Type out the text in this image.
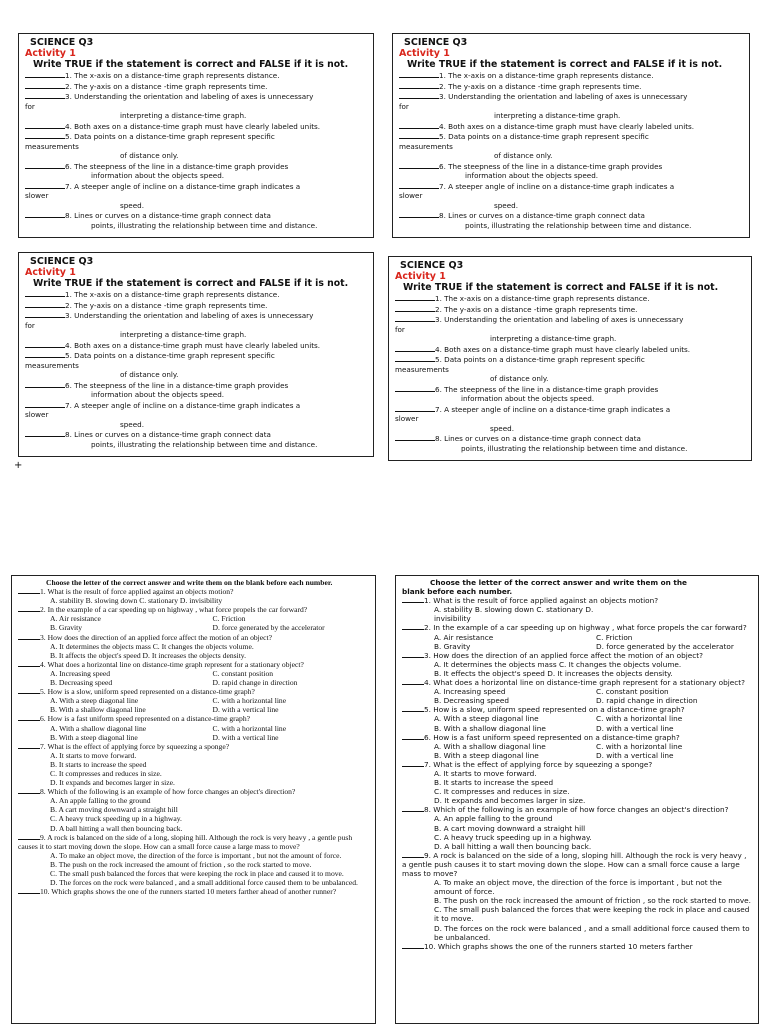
SCIENCE Q3
Activity 1
Write TRUE if the statement is correct and FALSE if it is not.
1. The x-axis on a distance-time graph represents distance.
2. The y-axis on a distance -time graph represents time.
3. Understanding the orientation and labeling of axes is unnecessary
for
interpreting a distance-time graph.
4. Both axes on a distance-time graph must have clearly labeled units.
5. Data points on a distance-time graph represent specific
measurements
of distance only.
6. The steepness of the line in a distance-time graph provides
information about the objects speed.
7. A steeper angle of incline on a distance-time graph indicates a
slower
speed.
8. Lines or curves on a distance-time graph connect data
points, illustrating the relationship between time and distance.
SCIENCE Q3
Activity 1
Write TRUE if the statement is correct and FALSE if it is not.
1. The x-axis on a distance-time graph represents distance.
2. The y-axis on a distance -time graph represents time.
3. Understanding the orientation and labeling of axes is unnecessary
for
interpreting a distance-time graph.
4. Both axes on a distance-time graph must have clearly labeled units.
5. Data points on a distance-time graph represent specific
measurements
of distance only.
6. The steepness of the line in a distance-time graph provides
information about the objects speed.
7. A steeper angle of incline on a distance-time graph indicates a
slower
speed.
8. Lines or curves on a distance-time graph connect data
points, illustrating the relationship between time and distance.
SCIENCE Q3
Activity 1
Write TRUE if the statement is correct and FALSE if it is not.
1. The x-axis on a distance-time graph represents distance.
2. The y-axis on a distance -time graph represents time.
3. Understanding the orientation and labeling of axes is unnecessary
for
interpreting a distance-time graph.
4. Both axes on a distance-time graph must have clearly labeled units.
5. Data points on a distance-time graph represent specific
measurements
of distance only.
6. The steepness of the line in a distance-time graph provides
information about the objects speed.
7. A steeper angle of incline on a distance-time graph indicates a
slower
speed.
8. Lines or curves on a distance-time graph connect data
points, illustrating the relationship between time and distance.
SCIENCE Q3
Activity 1
Write TRUE if the statement is correct and FALSE if it is not.
1. The x-axis on a distance-time graph represents distance.
2. The y-axis on a distance -time graph represents time.
3. Understanding the orientation and labeling of axes is unnecessary
for
interpreting a distance-time graph.
4. Both axes on a distance-time graph must have clearly labeled units.
5. Data points on a distance-time graph represent specific
measurements
of distance only.
6. The steepness of the line in a distance-time graph provides
information about the objects speed.
7. A steeper angle of incline on a distance-time graph indicates a
slower
speed.
8. Lines or curves on a distance-time graph connect data
points, illustrating the relationship between time and distance.
+
Choose the letter of the correct answer and write them on the blank before each number.
1. What is the result of force applied against an objects motion?
A. stability B. slowing down C. stationary D. invisibility
2. In the example of a car speeding up on highway , what force propels the car forward?
A. Air resistance	C. Friction
B. Gravity	D. force generated by the accelerator
3. How does the direction of an applied force affect the motion of an object?
A. It determines the objects mass C. It changes the objects volume.
B. It affects the object's speed D. It increases the objects density.
4. What does a horizontal line on distance-time graph represent for a stationary object?
A. Increasing speed	C. constant position
B. Decreasing speed	D. rapid change in direction
5. How is a slow, uniform speed represented on a distance-time graph?
A. With a steep diagonal line	C. with a horizontal line
B. With a shallow diagonal line	D. with a vertical line
6. How is a fast uniform speed represented on a distance-time graph?
A. With a shallow diagonal line	C. with a horizontal line
B. With a steep diagonal line	D. with a vertical line
7. What is the effect of applying force by squeezing a sponge?
A. It starts to move forward.
B. It starts to increase the speed
C. It compresses and reduces in size.
D. It expands and becomes larger in size.
8. Which of the following is an example of how force changes an object's direction?
A. An apple falling to the ground
B. A cart moving downward a straight hill
C. A heavy truck speeding up in a highway.
D. A ball hitting a wall then bouncing back.
9. A rock is balanced on the side of a long, sloping hill. Although the rock is very heavy , a gentle push causes it to start moving down the slope. How can a small force cause a large mass to move?
A. To make an object move, the direction of the force is important , but not the amount of force.
B. The push on the rock increased the amount of friction , so the rock started to move.
C. The small push balanced the forces that were keeping the rock in place and caused it to move.
D. The forces on the rock were balanced , and a small additional force caused them to be unbalanced.
10. Which graphs shows the one of the runners started 10 meters farther ahead of another runner?
Choose the letter of the correct answer and write them on the
blank before each number.
1. What is the result of force applied against an objects motion?
A. stability B. slowing down C. stationary D.
invisibility
2. In the example of a car speeding up on highway , what force propels the car forward?
A. Air resistance	C. Friction
B. Gravity	D. force generated by the accelerator
3. How does the direction of an applied force affect the motion of an object?
A. It determines the objects mass C. It changes the objects volume.
B. It effects the object's speed D. It increases the objects density.
4. What does a horizontal line on distance-time graph represent for a stationary object?
A. Increasing speed	C. constant position
B. Decreasing speed	D. rapid change in direction
5. How is a slow, uniform speed represented on a distance-time graph?
A. With a steep diagonal line	C. with a horizontal line
B. With a shallow diagonal line	D. with a vertical line
6. How is a fast uniform speed represented on a distance-time graph?
A. With a shallow diagonal line	C. with a horizontal line
B. With a steep diagonal line	D. with a vertical line
7. What is the effect of applying force by squeezing a sponge?
A. It starts to move forward.
B. It starts to increase the speed
C. It compresses and reduces in size.
D. It expands and becomes larger in size.
8. Which of the following is an example of how force changes an object's direction?
A. An apple falling to the ground
B. A cart moving downward a straight hill
C. A heavy truck speeding up in a highway.
D. A ball hitting a wall then bouncing back.
9. A rock is balanced on the side of a long, sloping hill. Although the rock is very heavy , a gentle push causes it to start moving down the slope. How can a small force cause a large mass to move?
A. To make an object move, the direction of the force is important , but not the amount of force.
B. The push on the rock increased the amount of friction , so the rock started to move.
C. The small push balanced the forces that were keeping the rock in place and caused it to move.
D. The forces on the rock were balanced , and a small additional force caused them to be unbalanced.
10. Which graphs shows the one of the runners started 10 meters farther
